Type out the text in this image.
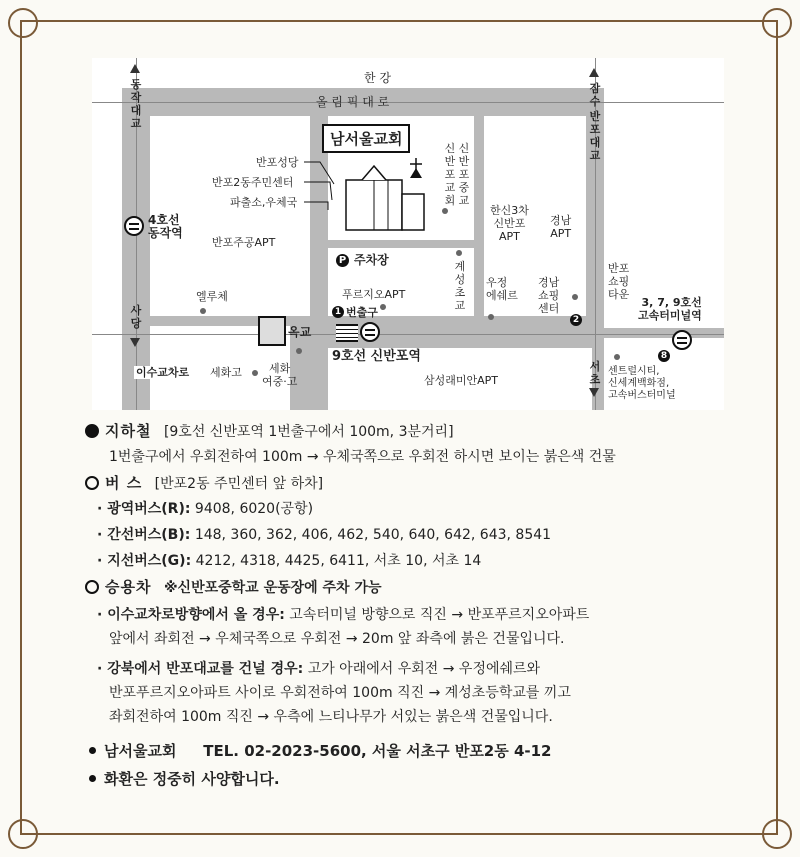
한 강
올 림 픽 대 로
동작대교
사당
잠수
반포대교
서초
남서울교회
신반포교회
신반포중교
반포성당
반포2동주민센터
파출소,우체국
4호선
동작역
반포주공APT
엘루체
P 주차장
푸르지오APT
계성초교
한신3차
신반포
APT
경남
APT
우정
에쉐르
경남
쇼핑
센터
2
반포
쇼핑
타운
3, 7, 9호선
고속터미널역
8
센트럴시티,
신세계백화점,
고속버스터미널
옥교
1 번출구
9호선 신반포역
이수교차로 세화고	세화
여중·고	삼성래미안APT
지하철 [9호선 신반포역 1번출구에서 100m, 3분거리]
1번출구에서 우회전하여 100m → 우체국쪽으로 우회전 하시면 보이는 붉은색 건물
버 스 [반포2동 주민센터 앞 하차]
· 광역버스(R): 9408, 6020(공항)
· 간선버스(B): 148, 360, 362, 406, 462, 540, 640, 642, 643, 8541
· 지선버스(G): 4212, 4318, 4425, 6411, 서초 10, 서초 14
승용차 ※신반포중학교 운동장에 주차 가능
· 이수교차로방향에서 올 경우: 고속터미널 방향으로 직진 → 반포푸르지오아파트
앞에서 좌회전 → 우체국쪽으로 우회전 → 20m 앞 좌측에 붉은 건물입니다.
· 강북에서 반포대교를 건널 경우: 고가 아래에서 우회전 → 우정에쉐르와
반포푸르지오아파트 사이로 우회전하여 100m 직진 → 계성초등학교를 끼고
좌회전하여 100m 직진 → 우측에 느티나무가 서있는 붉은색 건물입니다.
남서울교회 TEL. 02-2023-5600, 서울 서초구 반포2동 4-12
화환은 정중히 사양합니다.
